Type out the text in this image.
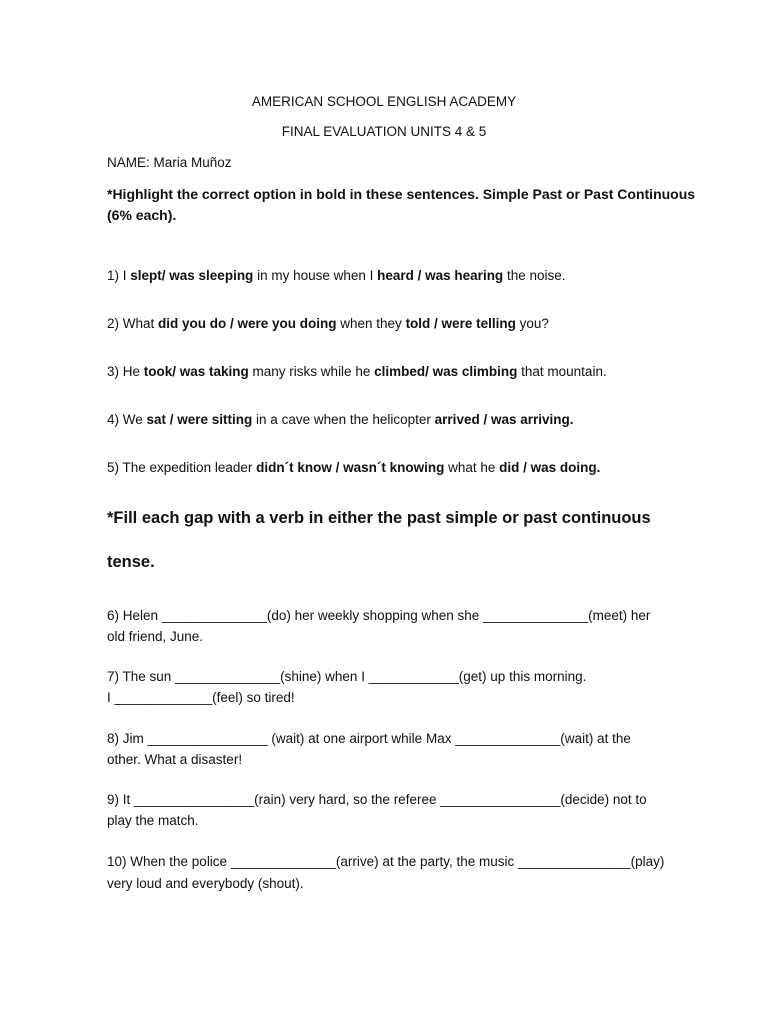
AMERICAN SCHOOL ENGLISH ACADEMY
FINAL EVALUATION UNITS 4 & 5
NAME: Maria Muñoz
*Highlight the correct option in bold in these sentences. Simple Past or Past Continuous
(6% each).
1) I slept/ was sleeping in my house when I heard / was hearing the noise.
2) What did you do / were you doing when they told / were telling you?
3) He took/ was taking many risks while he climbed/ was climbing that mountain.
4) We sat / were sitting in a cave when the helicopter arrived / was arriving.
5) The expedition leader didn´t know / wasn´t knowing what he did / was doing.
*Fill each gap with a verb in either the past simple or past continuous
tense.
6) Helen ______________(do) her weekly shopping when she ______________(meet) her
old friend, June.
7) The sun ______________(shine) when I ____________(get) up this morning.
I _____________(feel) so tired!
8) Jim ________________ (wait) at one airport while Max ______________(wait) at the
other. What a disaster!
9) It ________________(rain) very hard, so the referee ________________(decide) not to
play the match.
10) When the police ______________(arrive) at the party, the music _______________(play)
very loud and everybody (shout).
